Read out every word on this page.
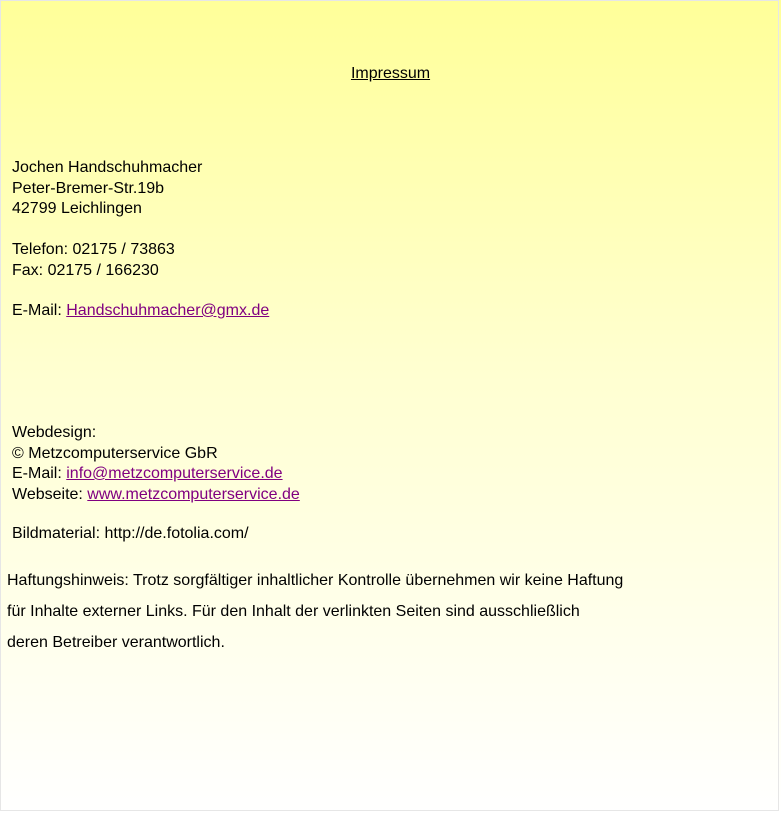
Impressum
Jochen Handschuhmacher
Peter-Bremer-Str.19b
42799 Leichlingen
Telefon: 02175 / 73863
Fax: 02175 / 166230
E-Mail: Handschuhmacher@gmx.de
Webdesign:
© Metzcomputerservice GbR
E-Mail: info@metzcomputerservice.de
Webseite: www.metzcomputerservice.de
Bildmaterial: http://de.fotolia.com/
Haftungshinweis: Trotz sorgfältiger inhaltlicher Kontrolle übernehmen wir keine Haftung
für Inhalte externer Links. Für den Inhalt der verlinkten Seiten sind ausschließlich
deren Betreiber verantwortlich.
